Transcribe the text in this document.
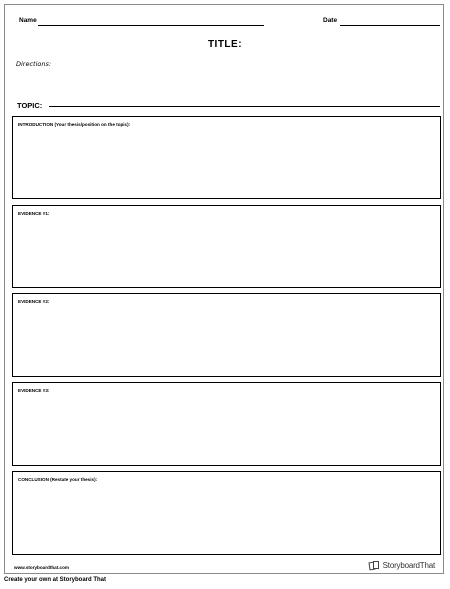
Name	Date
TITLE:
Directions:
TOPIC:
INTRODUCTION (Your thesis/position on the topic):
EVIDENCE #1:
EVIDENCE #2:
EVIDENCE #3:
CONCLUSION (Restate your thesis):
www.storyboardthat.com	StoryboardThat
Create your own at Storyboard That
